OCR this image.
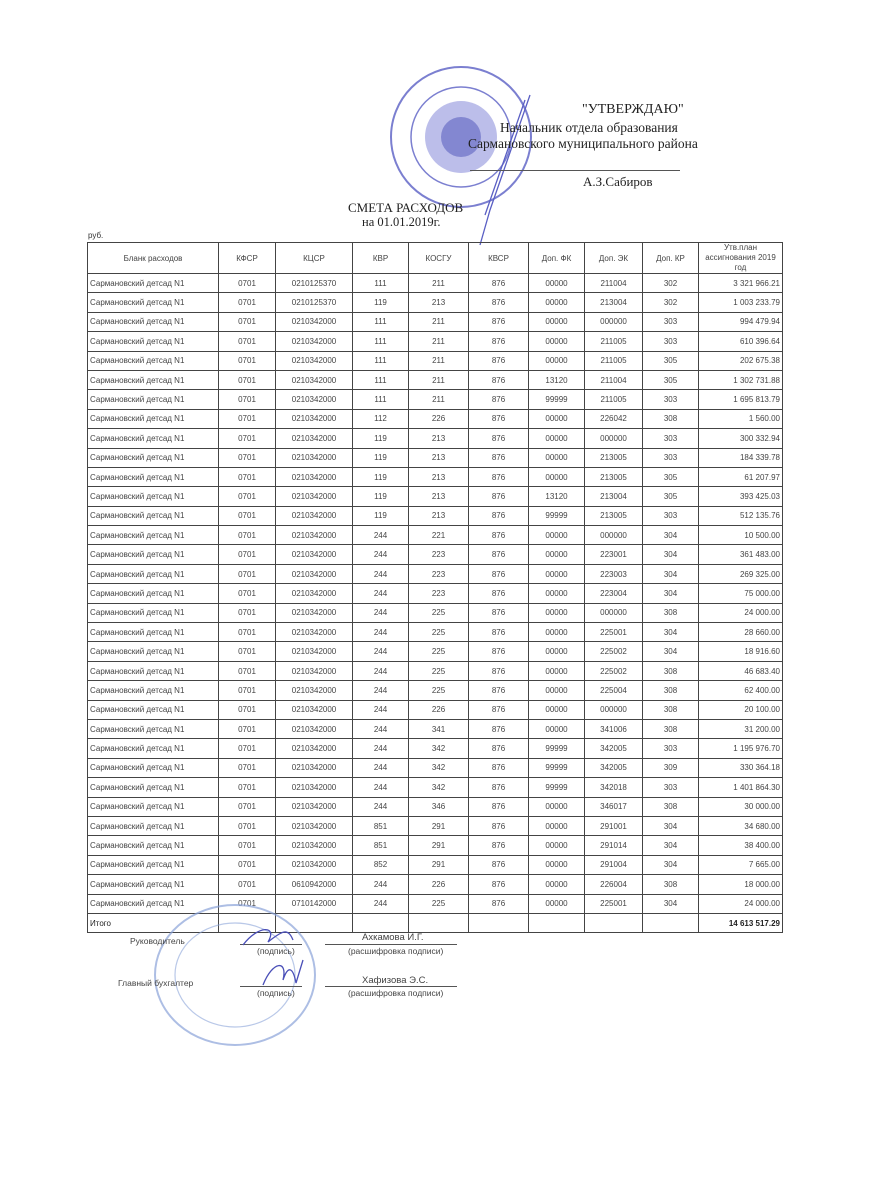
"УТВЕРЖДАЮ"
Начальник отдела образования
Сармановского муниципального района
А.З.Сабиров
СМЕТА РАСХОДОВ
на 01.01.2019г.
руб.
Бланк расходов	КФСР	КЦСР	КВР	КОСГУ	КВСР	Доп. ФК	Доп. ЭК	Доп. КР	Утв.план ассигнования 2019 год
Сармановский детсад N1	0701	0210125370	111	211	876	00000	211004	302	3 321 966.21
Сармановский детсад N1	0701	0210125370	119	213	876	00000	213004	302	1 003 233.79
Сармановский детсад N1	0701	0210342000	111	211	876	00000	000000	303	994 479.94
Сармановский детсад N1	0701	0210342000	111	211	876	00000	211005	303	610 396.64
Сармановский детсад N1	0701	0210342000	111	211	876	00000	211005	305	202 675.38
Сармановский детсад N1	0701	0210342000	111	211	876	13120	211004	305	1 302 731.88
Сармановский детсад N1	0701	0210342000	111	211	876	99999	211005	303	1 695 813.79
Сармановский детсад N1	0701	0210342000	112	226	876	00000	226042	308	1 560.00
Сармановский детсад N1	0701	0210342000	119	213	876	00000	000000	303	300 332.94
Сармановский детсад N1	0701	0210342000	119	213	876	00000	213005	303	184 339.78
Сармановский детсад N1	0701	0210342000	119	213	876	00000	213005	305	61 207.97
Сармановский детсад N1	0701	0210342000	119	213	876	13120	213004	305	393 425.03
Сармановский детсад N1	0701	0210342000	119	213	876	99999	213005	303	512 135.76
Сармановский детсад N1	0701	0210342000	244	221	876	00000	000000	304	10 500.00
Сармановский детсад N1	0701	0210342000	244	223	876	00000	223001	304	361 483.00
Сармановский детсад N1	0701	0210342000	244	223	876	00000	223003	304	269 325.00
Сармановский детсад N1	0701	0210342000	244	223	876	00000	223004	304	75 000.00
Сармановский детсад N1	0701	0210342000	244	225	876	00000	000000	308	24 000.00
Сармановский детсад N1	0701	0210342000	244	225	876	00000	225001	304	28 660.00
Сармановский детсад N1	0701	0210342000	244	225	876	00000	225002	304	18 916.60
Сармановский детсад N1	0701	0210342000	244	225	876	00000	225002	308	46 683.40
Сармановский детсад N1	0701	0210342000	244	225	876	00000	225004	308	62 400.00
Сармановский детсад N1	0701	0210342000	244	226	876	00000	000000	308	20 100.00
Сармановский детсад N1	0701	0210342000	244	341	876	00000	341006	308	31 200.00
Сармановский детсад N1	0701	0210342000	244	342	876	99999	342005	303	1 195 976.70
Сармановский детсад N1	0701	0210342000	244	342	876	99999	342005	309	330 364.18
Сармановский детсад N1	0701	0210342000	244	342	876	99999	342018	303	1 401 864.30
Сармановский детсад N1	0701	0210342000	244	346	876	00000	346017	308	30 000.00
Сармановский детсад N1	0701	0210342000	851	291	876	00000	291001	304	34 680.00
Сармановский детсад N1	0701	0210342000	851	291	876	00000	291014	304	38 400.00
Сармановский детсад N1	0701	0210342000	852	291	876	00000	291004	304	7 665.00
Сармановский детсад N1	0701	0610942000	244	226	876	00000	226004	308	18 000.00
Сармановский детсад N1	0701	0710142000	244	225	876	00000	225001	304	24 000.00
Итого									14 613 517.29
Руководитель
(подпись)
Ахкамова И.Г.
(расшифровка подписи)
Главный бухгалтер
(подпись)
Хафизова Э.С.
(расшифровка подписи)
